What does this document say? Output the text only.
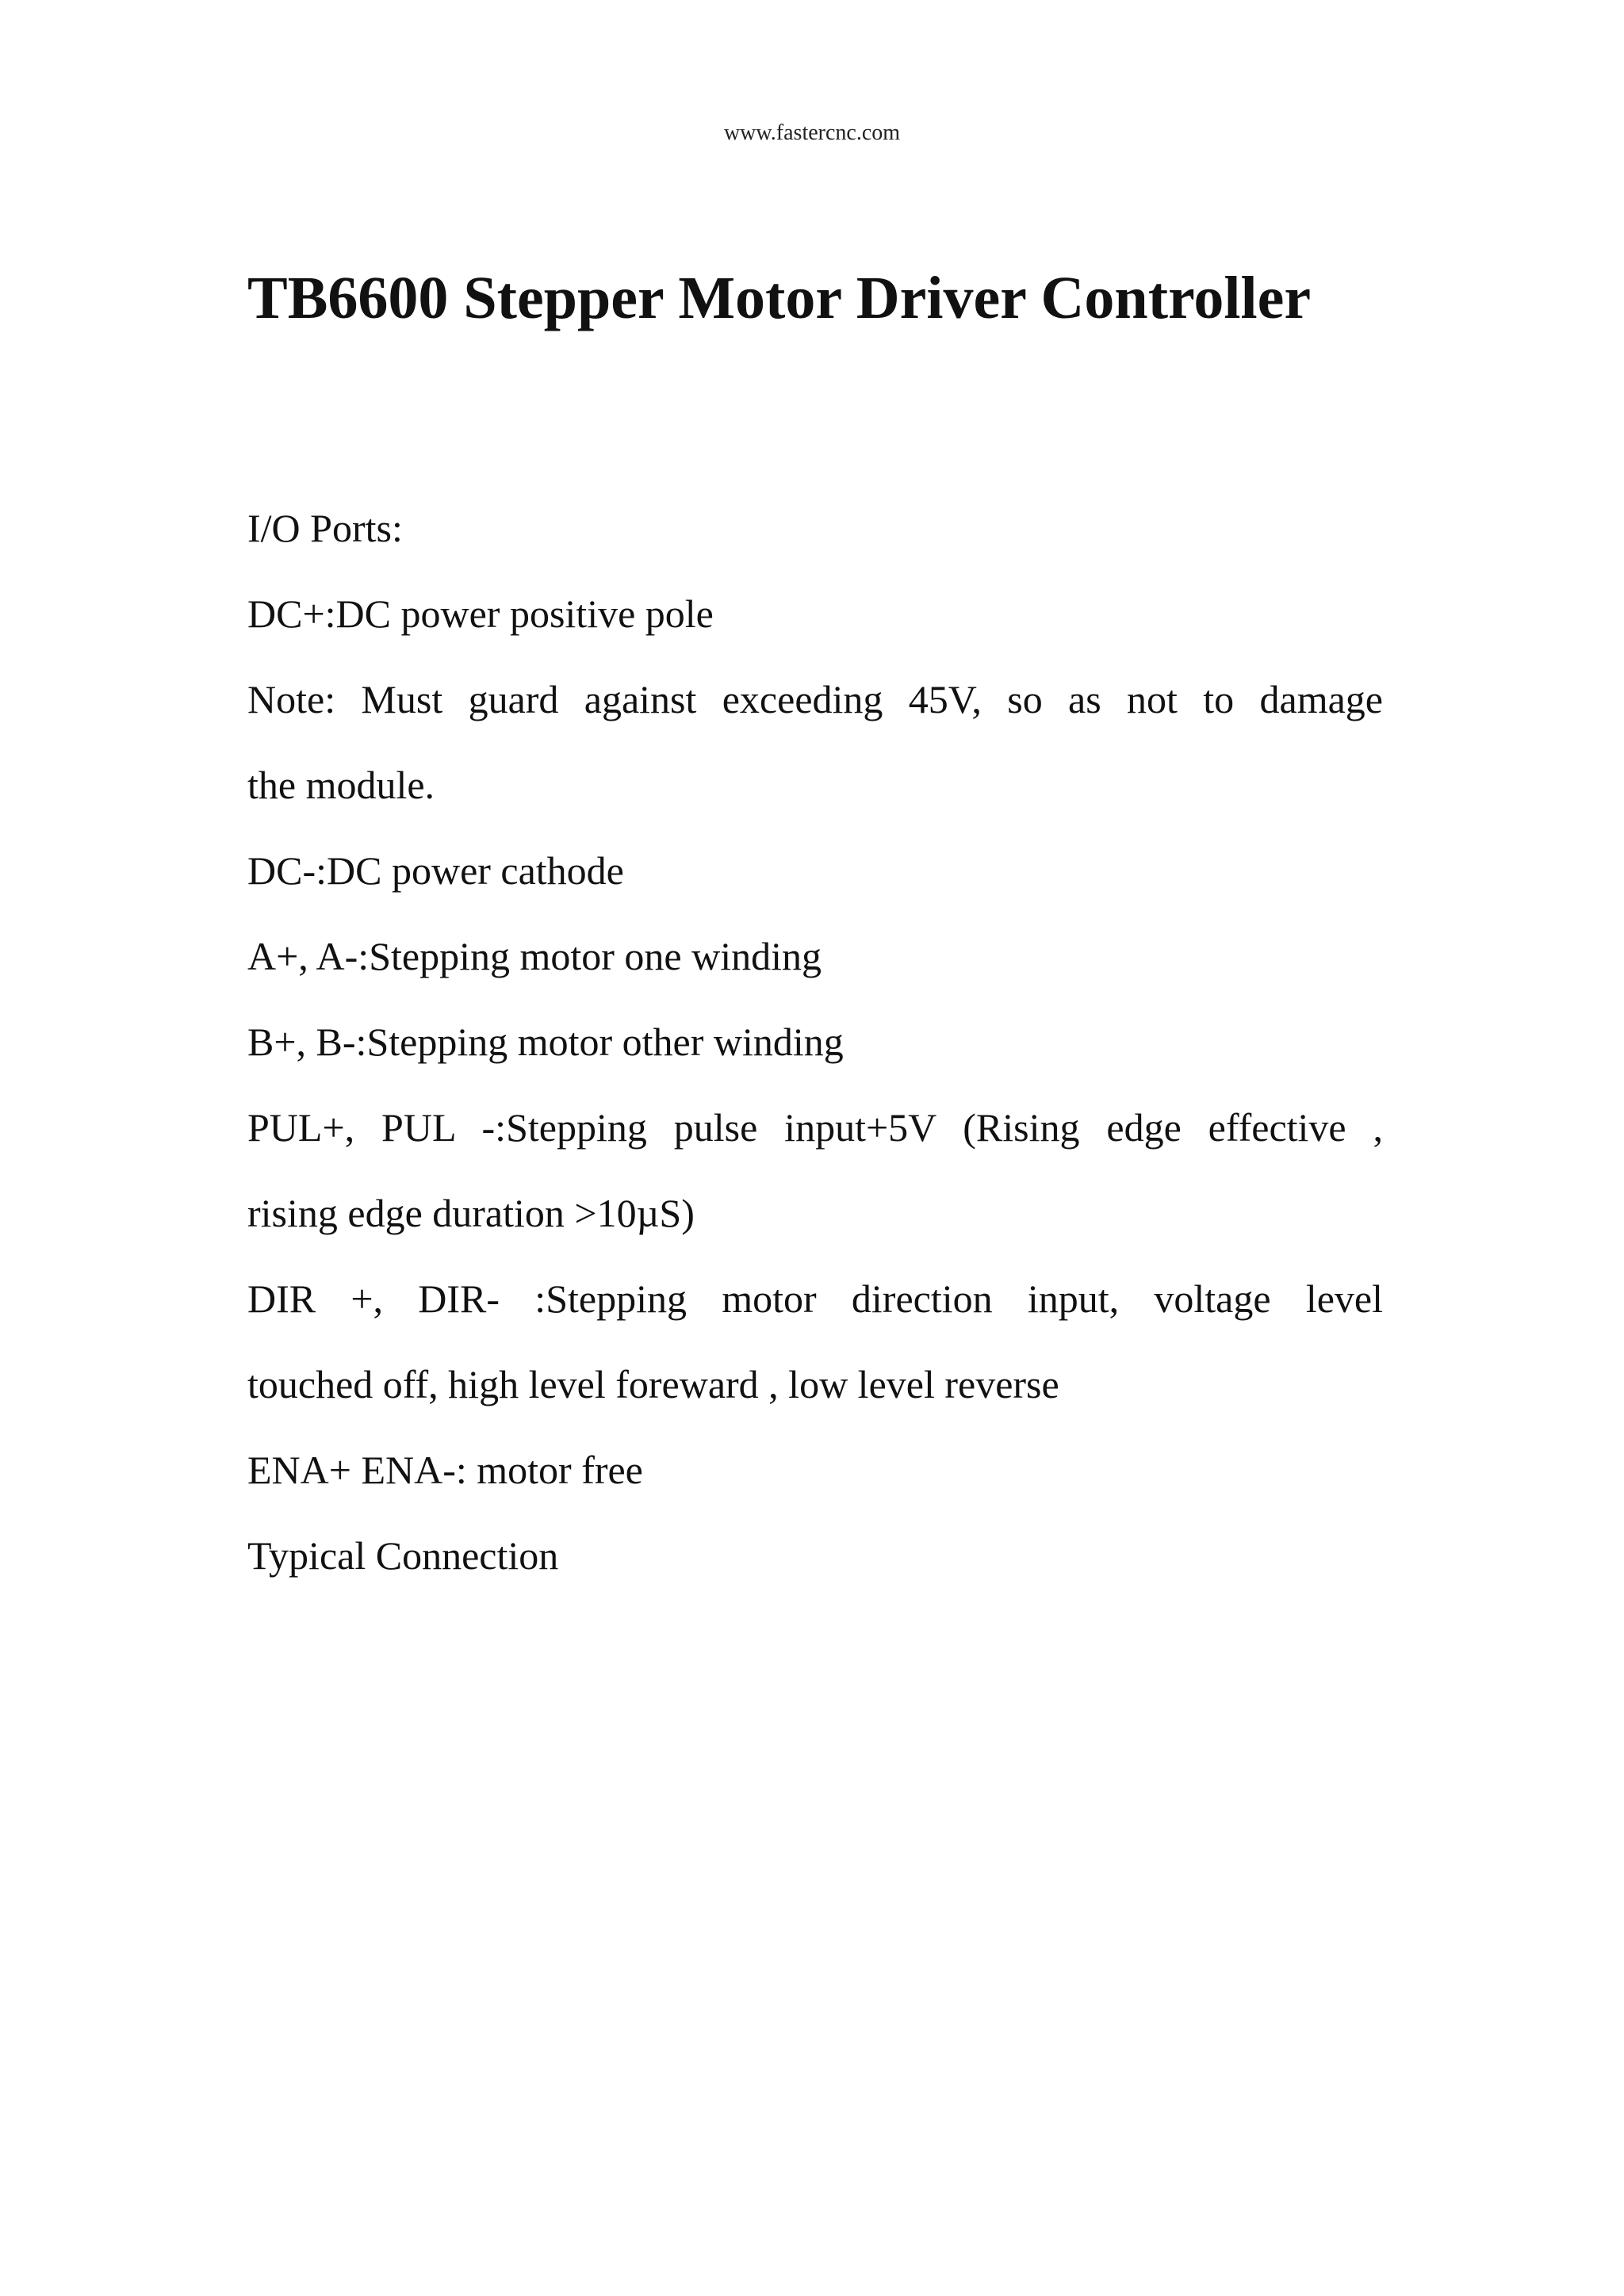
www.fastercnc.com
TB6600 Stepper Motor Driver Controller
I/O Ports:
DC+:DC power positive pole
Note: Must guard against exceeding 45V, so as not to damage
the module.
DC-:DC power cathode
A+, A-:Stepping motor one winding
B+, B-:Stepping motor other winding
PUL+, PUL -:Stepping pulse input+5V (Rising edge effective ,
rising edge duration >10µS)
DIR +, DIR- :Stepping motor direction input, voltage level
touched off, high level foreward , low level reverse
ENA+ ENA-: motor free
Typical Connection
